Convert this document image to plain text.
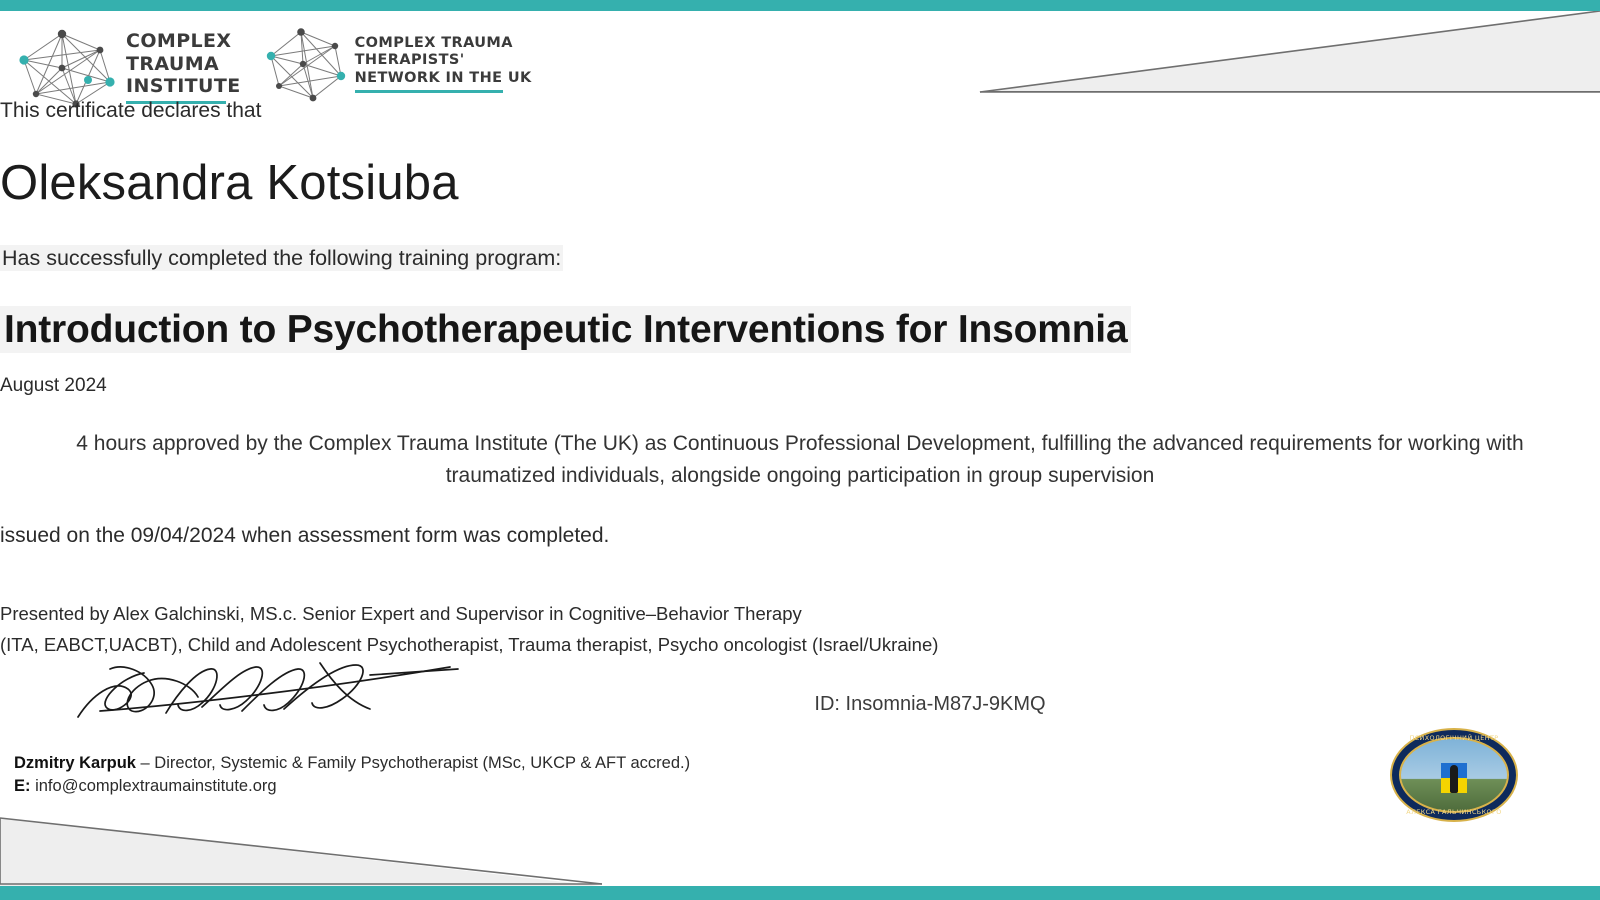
COMPLEX
TRAUMA
INSTITUTE
COMPLEX TRAUMA
THERAPISTS'
NETWORK IN THE UK
This certificate declares that
Oleksandra Kotsiuba
Has successfully completed the following training program:
Introduction to Psychotherapeutic Interventions for Insomnia
August 2024
4 hours approved by the Complex Trauma Institute (The UK) as Continuous Professional Development, fulfilling the advanced requirements for working with traumatized individuals, alongside ongoing participation in group supervision
issued on the 09/04/2024 when assessment form was completed.
Presented by Alex Galchinski, MS.c. Senior Expert and Supervisor in Cognitive–Behavior Therapy
(ITA, EABCT,UACBT), Child and Adolescent Psychotherapist, Trauma therapist, Psycho oncologist (Israel/Ukraine)
ID: Insomnia-M87J-9KMQ
Dzmitry Karpuk – Director, Systemic & Family Psychotherapist (MSc, UKCP & AFT accred.)
E: info@complextraumainstitute.org
ПСИХОЛОГІЧНИЙ ЦЕНТР
АЛЕКСА ГАЛЬЧИНСЬКОГО
